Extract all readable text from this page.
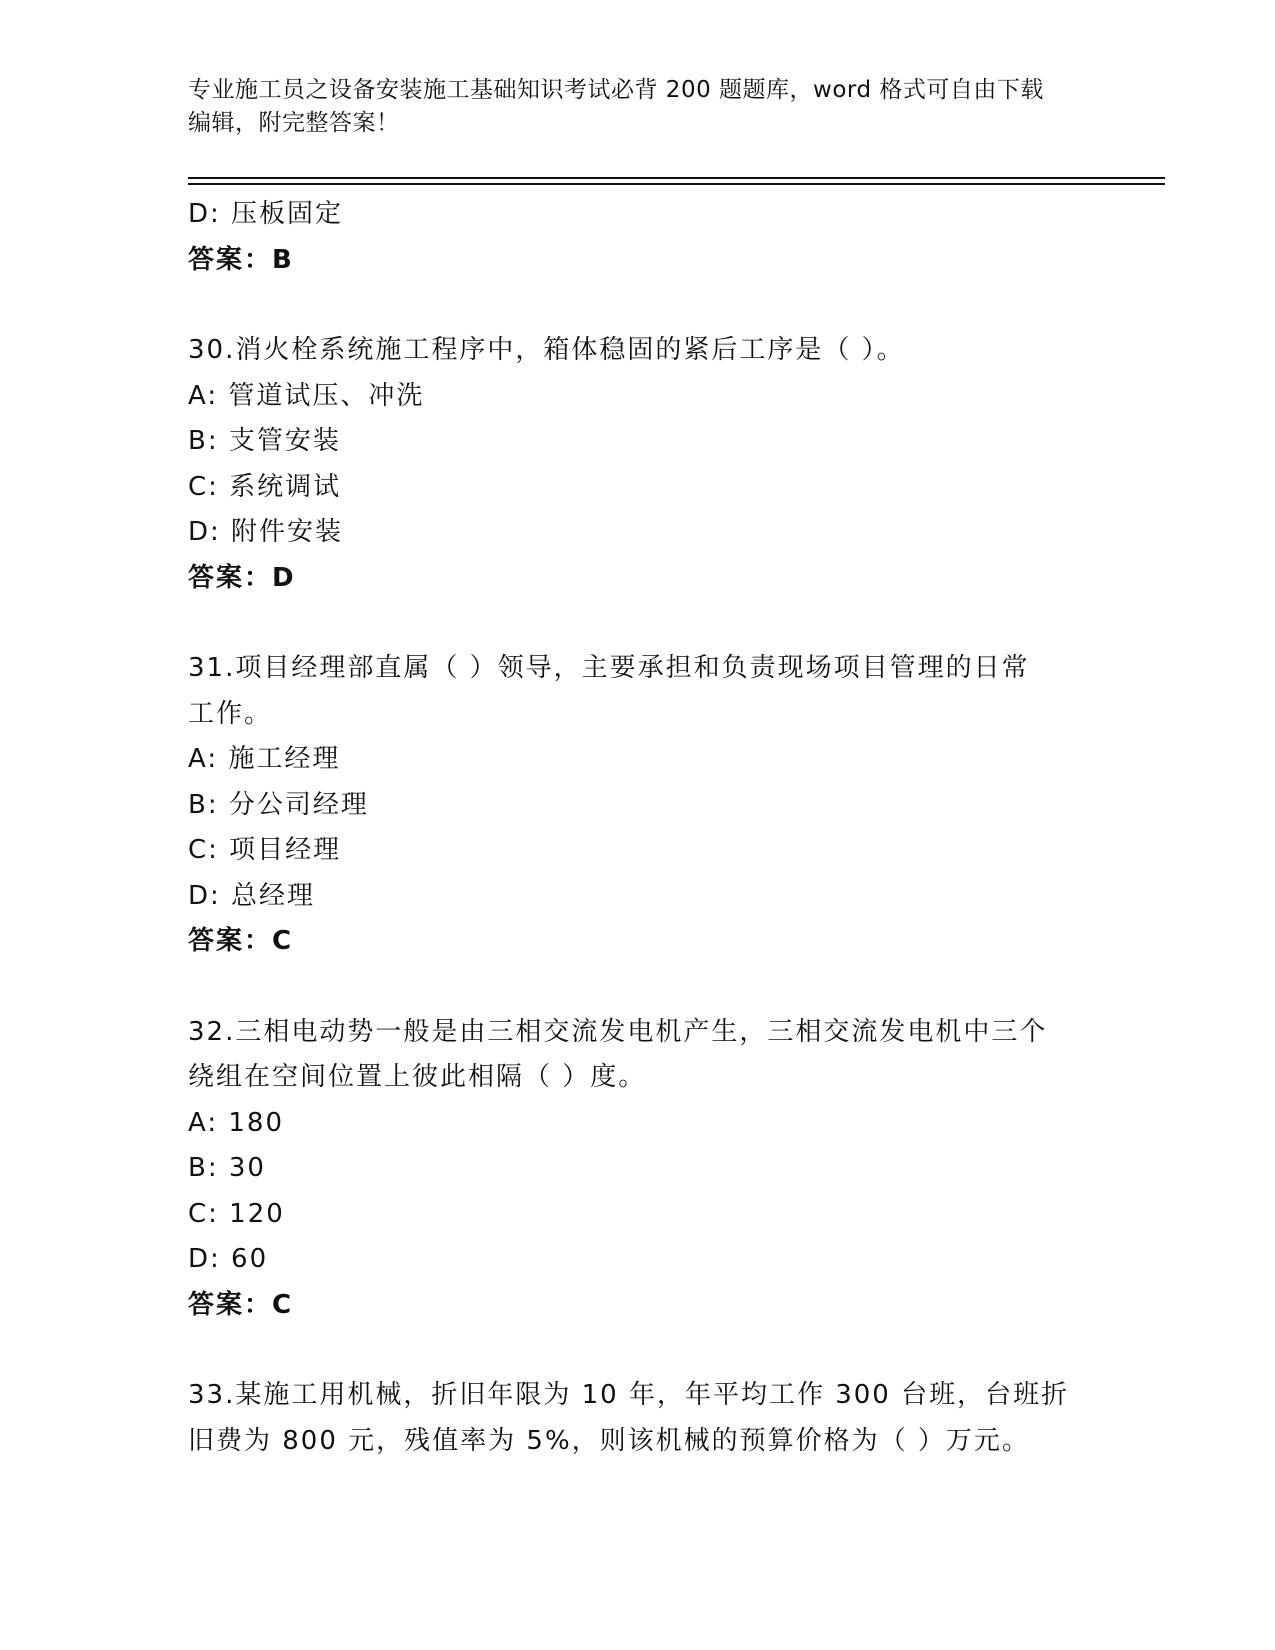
专业施工员之设备安装施工基础知识考试必背 200 题题库，word 格式可自由下载
编辑，附完整答案！
D: 压板固定
答案：B
30.消火栓系统施工程序中，箱体稳固的紧后工序是（ ）。
A: 管道试压、冲洗
B: 支管安装
C: 系统调试
D: 附件安装
答案：D
31.项目经理部直属（ ）领导，主要承担和负责现场项目管理的日常
工作。
A: 施工经理
B: 分公司经理
C: 项目经理
D: 总经理
答案：C
32.三相电动势一般是由三相交流发电机产生，三相交流发电机中三个
绕组在空间位置上彼此相隔（ ）度。
A: 180
B: 30
C: 120
D: 60
答案：C
33.某施工用机械，折旧年限为 10 年，年平均工作 300 台班，台班折
旧费为 800 元，残值率为 5%，则该机械的预算价格为（ ）万元。
